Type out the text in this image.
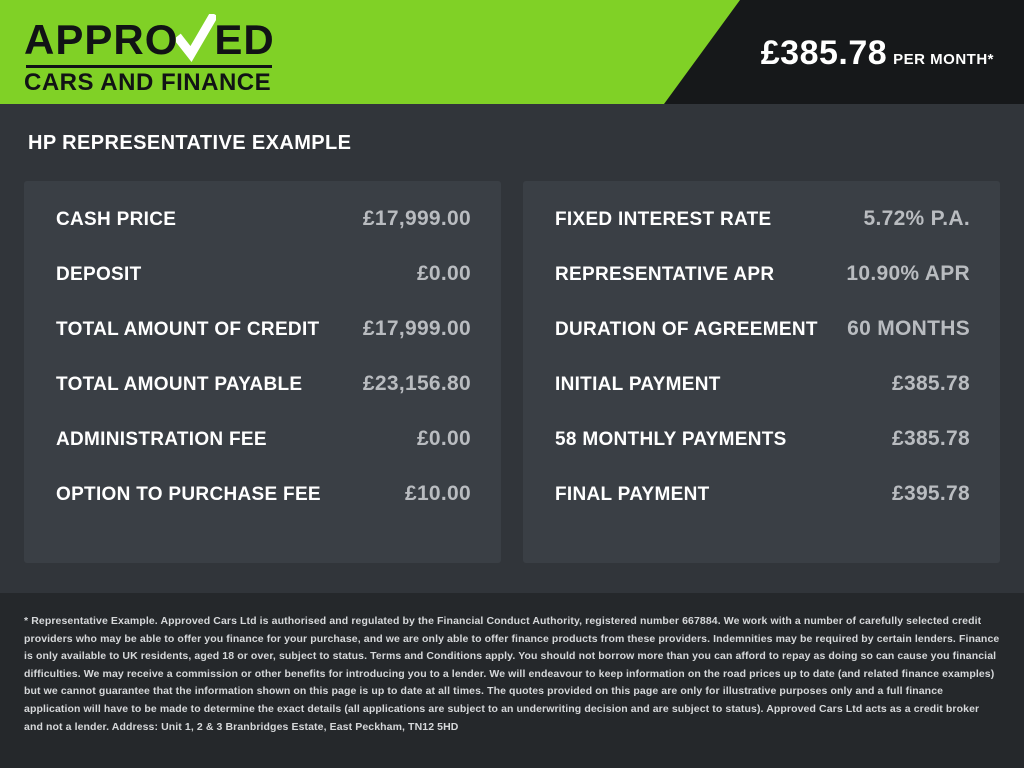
APPRO ED
CARS AND FINANCE
£385.78 PER MONTH*
HP REPRESENTATIVE EXAMPLE
CASH PRICE	£17,999.00
DEPOSIT	£0.00
TOTAL AMOUNT OF CREDIT £17,999.00
TOTAL AMOUNT PAYABLE	£23,156.80
ADMINISTRATION FEE	£0.00
OPTION TO PURCHASE FEE	£10.00
FIXED INTEREST RATE	5.72% P.A.
REPRESENTATIVE APR	10.90% APR
DURATION OF AGREEMENT 60 MONTHS
INITIAL PAYMENT	£385.78
58 MONTHLY PAYMENTS	£385.78
FINAL PAYMENT	£395.78

* Representative Example. Approved Cars Ltd is authorised and regulated by the Financial Conduct Authority, registered number 667884. We work with a number of carefully selected credit providers who may be able to offer you finance for your purchase, and we are only able to offer finance products from these providers. Indemnities may be required by certain lenders. Finance is only available to UK residents, aged 18 or over, subject to status. Terms and Conditions apply. You should not borrow more than you can afford to repay as doing so can cause you financial difficulties. We may receive a commission or other benefits for introducing you to a lender. We will endeavour to keep information on the road prices up to date (and related finance examples) but we cannot guarantee that the information shown on this page is up to date at all times. The quotes provided on this page are only for illustrative purposes only and a full finance application will have to be made to determine the exact details (all applications are subject to an underwriting decision and are subject to status). Approved Cars Ltd acts as a credit broker and not a lender. Address: Unit 1, 2 & 3 Branbridges Estate, East Peckham, TN12 5HD
